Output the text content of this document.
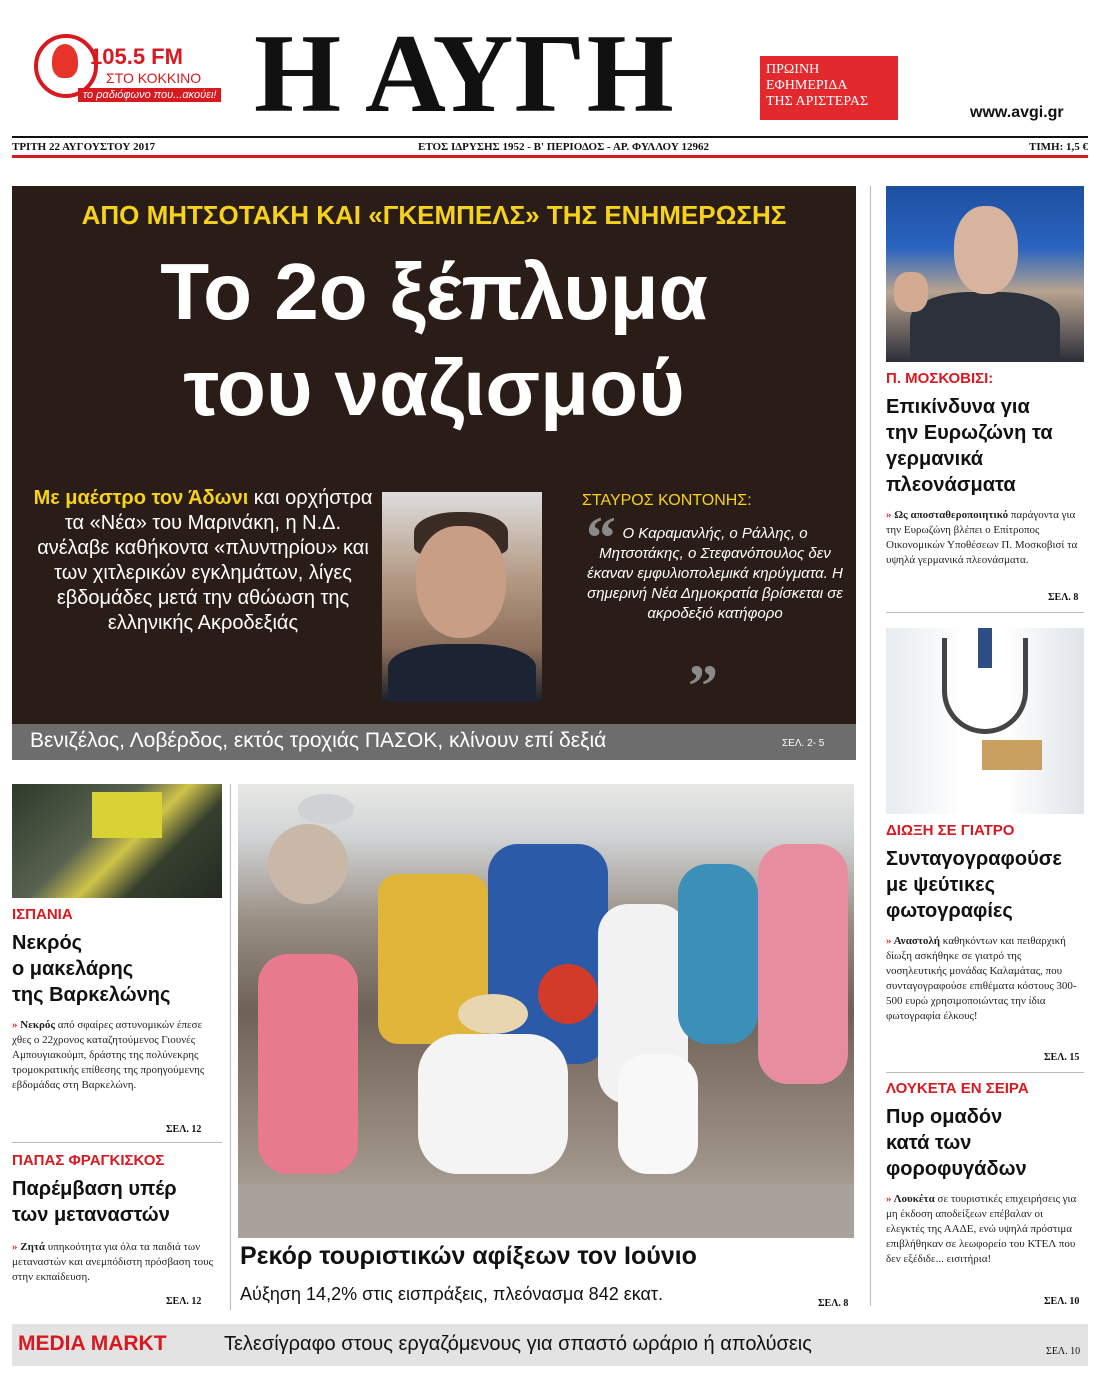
105.5 FM
ΣΤΟ ΚΟΚΚΙΝΟ
το ραδιόφωνο που...ακούει! Η ΑΥΓΗ	ΠΡΩΙΝΗ
ΕΦΗΜΕΡΙΔΑ
ΤΗΣ ΑΡΙΣΤΕΡΑΣ
www.avgi.gr
ΤΡΙΤΗ 22 ΑΥΓΟΥΣΤΟΥ 2017	ΕΤΟΣ ΙΔΡΥΣΗΣ 1952 - Β' ΠΕΡΙΟΔΟΣ - ΑΡ. ΦΥΛΛΟΥ 12962	ΤΙΜΗ: 1,5 €
ΑΠΟ ΜΗΤΣΟΤΑΚΗ ΚΑΙ «ΓΚΕΜΠΕΛΣ» ΤΗΣ ΕΝΗΜΕΡΩΣΗΣ
Το 2ο ξέπλυμα
του ναζισμού
Με μαέστρο τον Άδωνι και ορχήστρα τα «Νέα» του Μαρινάκη, η Ν.Δ. ανέλαβε καθήκοντα «πλυντηρίου» και των χιτλερικών εγκλημάτων, λίγες εβδομάδες μετά την αθώωση της ελληνικής Ακροδεξιάς
ΣΤΑΥΡΟΣ ΚΟΝΤΟΝΗΣ:
“ Ο Καραμανλής, ο Ράλλης, ο Μητσοτάκης, ο Στεφανόπουλος δεν έκαναν εμφυλιοπολεμικά κηρύγματα. Η σημερινή Νέα Δημοκρατία βρίσκεται σε ακροδεξιό κατήφορο
”
Βενιζέλος, Λοβέρδος, εκτός τροχιάς ΠΑΣΟΚ, κλίνουν επί δεξιά	ΣΕΛ. 2- 5
Π. ΜΟΣΚΟΒΙΣΙ:
Επικίνδυνα για
την Ευρωζώνη τα
γερμανικά
πλεονάσματα
» Ως αποσταθεροποιητικό παράγοντα για την Ευρωζώνη βλέπει ο Επίτροπος Οικονομικών Υποθέσεων Π. Μοσκοβισί τα υψηλά γερμανικά πλεονάσματα.
ΣΕΛ. 8
ΔΙΩΞΗ ΣΕ ΓΙΑΤΡΟ
Συνταγογραφούσε
με ψεύτικες
φωτογραφίες
» Αναστολή καθηκόντων και πειθαρχική δίωξη ασκήθηκε σε γιατρό της νοσηλευτικής μονάδας Καλαμάτας, που συνταγογραφούσε επιθέματα κόστους 300-500 ευρώ χρησιμοποιώντας την ίδια φωτογραφία έλκους!
ΣΕΛ. 15
ΛΟΥΚΕΤΑ ΕΝ ΣΕΙΡΑ
Πυρ ομαδόν
κατά των
φοροφυγάδων
» Λουκέτα σε τουριστικές επιχειρήσεις για μη έκδοση αποδείξεων επέβαλαν οι ελεγκτές της ΑΑΔΕ, ενώ υψηλά πρόστιμα επιβλήθηκαν σε λεωφορείο του ΚΤΕΛ που δεν εξέδιδε... εισιτήρια!
ΣΕΛ. 10
ΙΣΠΑΝΙΑ
Νεκρός
ο μακελάρης
της Βαρκελώνης
» Νεκρός από σφαίρες αστυνομικών έπεσε χθες ο 22χρονος καταζητούμενος Γιουνές Αμπουγιακούμπ, δράστης της πολύνεκρης τρομοκρατικής επίθεσης της προηγούμενης εβδομάδας στη Βαρκελώνη.
ΣΕΛ. 12
ΠΑΠΑΣ ΦΡΑΓΚΙΣΚΟΣ
Παρέμβαση υπέρ
των μεταναστών
» Ζητά υπηκοότητα για όλα τα παιδιά των μεταναστών και ανεμπόδιστη πρόσβαση τους στην εκπαίδευση.
ΣΕΛ. 12
Ρεκόρ τουριστικών αφίξεων τον Ιούνιο
Αύξηση 14,2% στις εισπράξεις, πλεόνασμα 842 εκατ.	ΣΕΛ. 8
MEDIA MARKT	Τελεσίγραφο στους εργαζόμενους για σπαστό ωράριο ή απολύσεις	ΣΕΛ. 10
